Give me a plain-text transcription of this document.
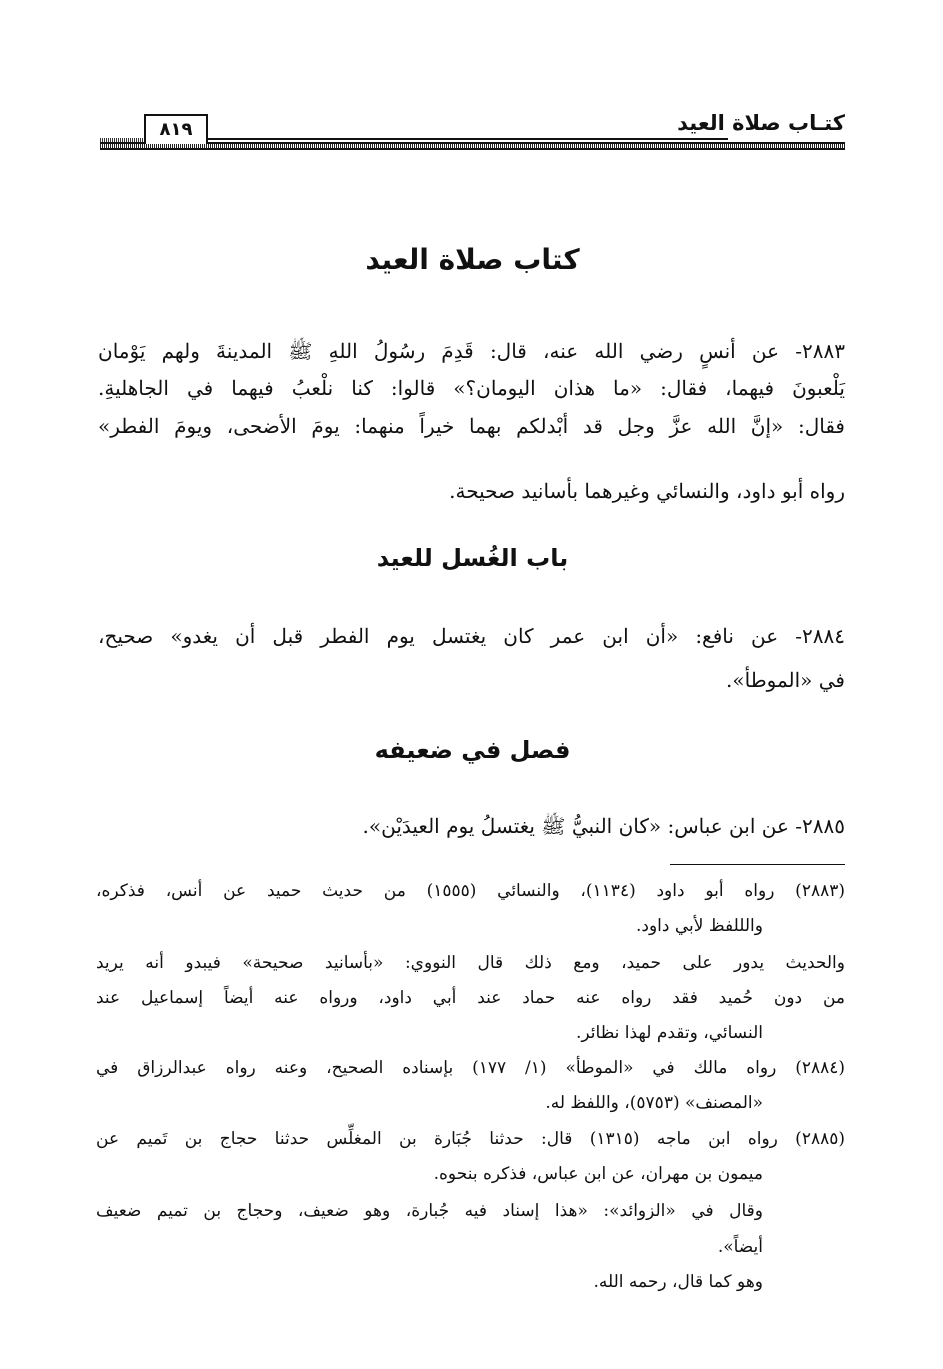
٨١٩	كتـاب صلاة العيد
كتاب صلاة العيد
٢٨٨٣- عن أنسٍ رضي الله عنه، قال: قَدِمَ رسُولُ اللهِ ﷺ المدينةَ ولهم يَوْمان
يَلْعبونَ فيهما، فقال: «ما هذان اليومان؟» قالوا: كنا نلْعبُ فيهما في الجاهليةِ.
فقال: «إنَّ الله عزَّ وجل قد أبْدلكم بهما خيراً منهما: يومَ الأضحى، ويومَ الفطر»
رواه أبو داود، والنسائي وغيرهما بأسانيد صحيحة.
باب الغُسل للعيد
٢٨٨٤- عن نافع: «أن ابن عمر كان يغتسل يوم الفطر قبل أن يغدو» صحيح،
في «الموطأ».
فصل في ضعيفه
٢٨٨٥- عن ابن عباس: «كان النبيُّ ﷺ يغتسلُ يوم العيدَيْن».
(٢٨٨٣) رواه أبو داود (١١٣٤)، والنسائي (١٥٥٥) من حديث حميد عن أنس، فذكره،
والللفظ لأبي داود.
والحديث يدور على حميد، ومع ذلك قال النووي: «بأسانيد صحيحة» فيبدو أنه يريد
من دون حُميد فقد رواه عنه حماد عند أبي داود، ورواه عنه أيضاً إسماعيل عند
النسائي، وتقدم لهذا نظائر.
(٢٨٨٤) رواه مالك في «الموطأ» (١/ ١٧٧) بإسناده الصحيح، وعنه رواه عبدالرزاق في
«المصنف» (٥٧٥٣)، واللفظ له.
(٢٨٨٥) رواه ابن ماجه (١٣١٥) قال: حدثنا جُبَارة بن المغلِّس حدثنا حجاج بن تَميم عن
ميمون بن مهران، عن ابن عباس، فذكره بنحوه.
وقال في «الزوائد»: «هذا إسناد فيه جُبارة، وهو ضعيف، وحجاج بن تميم ضعيف
أيضاً».
وهو كما قال، رحمه الله.
